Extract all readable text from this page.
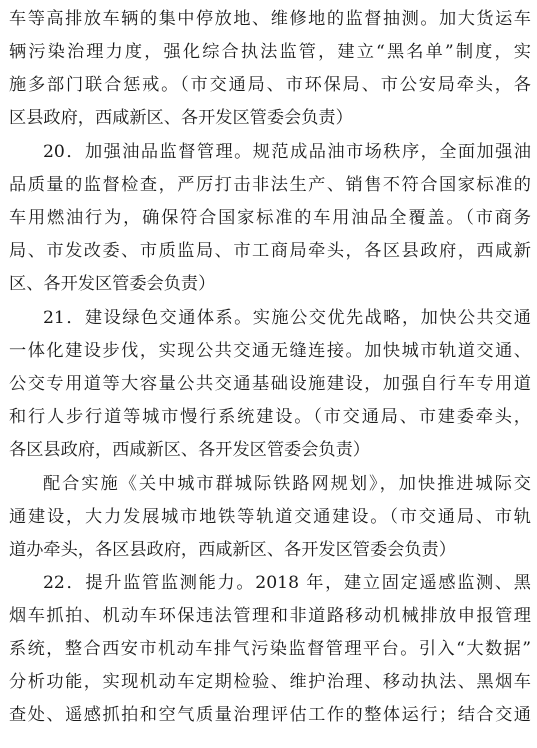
车等高排放车辆的集中停放地、维修地的监督抽测。加大货运车
辆污染治理力度，强化综合执法监管，建立“黑名单”制度，实
施多部门联合惩戒。（市交通局、市环保局、市公安局牵头，各
区县政府，西咸新区、各开发区管委会负责）
20．加强油品监督管理。规范成品油市场秩序，全面加强油
品质量的监督检查，严厉打击非法生产、销售不符合国家标准的
车用燃油行为，确保符合国家标准的车用油品全覆盖。（市商务
局、市发改委、市质监局、市工商局牵头，各区县政府，西咸新
区、各开发区管委会负责）
21．建设绿色交通体系。实施公交优先战略，加快公共交通
一体化建设步伐，实现公共交通无缝连接。加快城市轨道交通、
公交专用道等大容量公共交通基础设施建设，加强自行车专用道
和行人步行道等城市慢行系统建设。（市交通局、市建委牵头，
各区县政府，西咸新区、各开发区管委会负责）
配合实施《关中城市群城际铁路网规划》，加快推进城际交
通建设，大力发展城市地铁等轨道交通建设。（市交通局、市轨
道办牵头，各区县政府，西咸新区、各开发区管委会负责）
22．提升监管监测能力。2018 年，建立固定遥感监测、黑
烟车抓拍、机动车环保违法管理和非道路移动机械排放申报管理
系统，整合西安市机动车排气污染监督管理平台。引入“大数据”
分析功能，实现机动车定期检验、维护治理、移动执法、黑烟车
查处、遥感抓拍和空气质量治理评估工作的整体运行；结合交通
